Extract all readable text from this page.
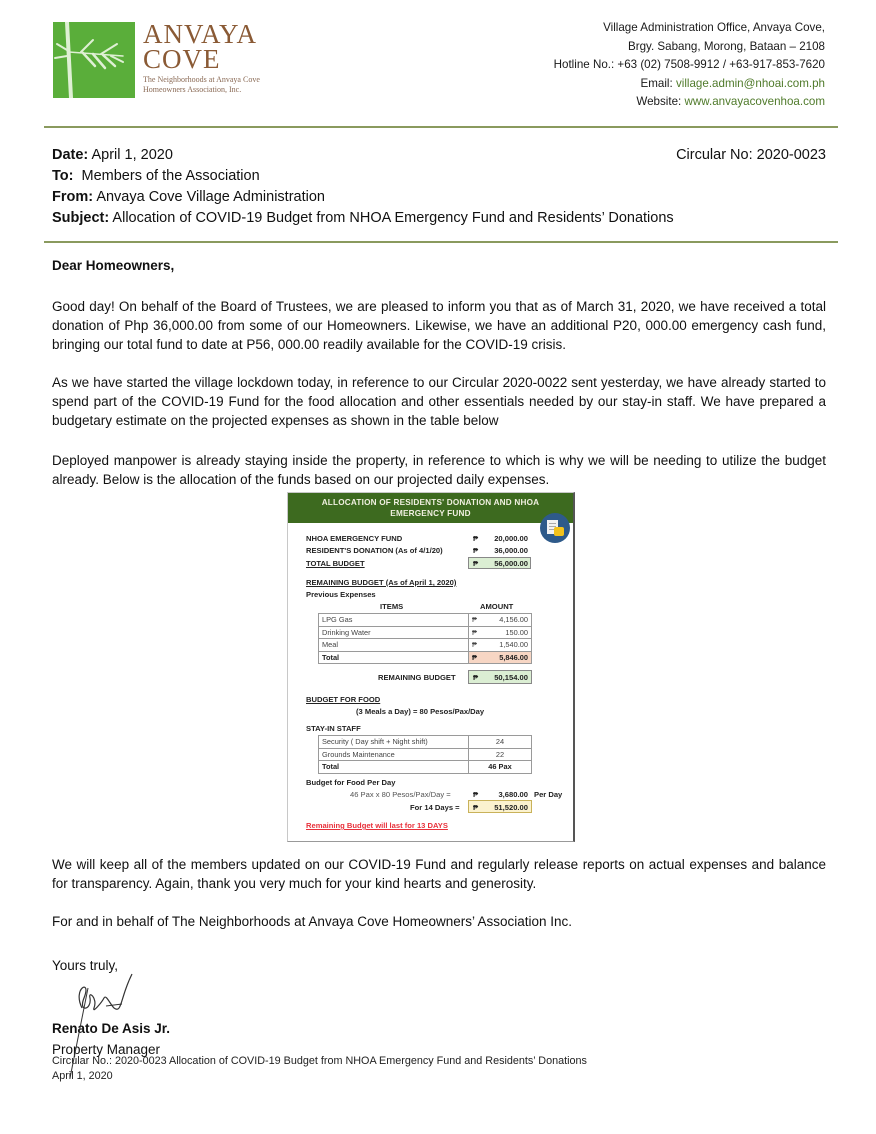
ANVAYA
COVE
The Neighborhoods at Anvaya Cove
Homeowners Association, Inc.
Village Administration Office, Anvaya Cove,
Brgy. Sabang, Morong, Bataan – 2108
Hotline No.: +63 (02) 7508-9912 / +63-917-853-7620
Email: village.admin@nhoai.com.ph
Website: www.anvayacovenhoa.com
Date: April 1, 2020	Circular No: 2020-0023
To:  Members of the Association
From: Anvaya Cove Village Administration
Subject: Allocation of COVID-19 Budget from NHOA Emergency Fund and Residents’ Donations
Dear Homeowners,

Good day! On behalf of the Board of Trustees, we are pleased to inform you that as of March 31, 2020, we have received a total donation of Php 36,000.00 from some of our Homeowners. Likewise, we have an additional P20, 000.00 emergency cash fund, bringing our total fund to date at P56, 000.00 readily available for the COVID-19 crisis.

As we have started the village lockdown today, in reference to our Circular 2020-0022 sent yesterday, we have already started to spend part of the COVID-19 Fund for the food allocation and other essentials needed by our stay-in staff. We have prepared a budgetary estimate on the projected expenses as shown in the table below

Deployed manpower is already staying inside the property, in reference to which is why we will be needing to utilize the budget already. Below is the allocation of the funds based on our projected daily expenses.

ALLOCATION OF RESIDENTS' DONATION AND NHOA
EMERGENCY FUND
NHOA EMERGENCY FUND	₱	20,000.00
RESIDENT'S DONATION (As of 4/1/20)	₱	36,000.00
TOTAL BUDGET	₱	56,000.00
REMAINING BUDGET (As of April 1, 2020)
Previous Expenses
ITEMS	AMOUNT
LPG Gas	₱ 4,156.00

Drinking Water	₱ 150.00

Meal	₱ 1,540.00

Total	₱ 5,846.00
REMAINING BUDGET ₱	50,154.00
BUDGET FOR FOOD
(3 Meals a Day) = 80 Pesos/Pax/Day
STAY-IN STAFF
Security ( Day shift + Night shift)	24
Grounds Maintenance	22
Total	46 Pax
Budget for Food Per Day
46 Pax x 80 Pesos/Pax/Day =	₱	3,680.00 Per Day
For 14 Days = ₱	51,520.00
Remaining Budget will last for 13 DAYS

We will keep all of the members updated on our COVID-19 Fund and regularly release reports on actual expenses and balance for transparency. Again, thank you very much for your kind hearts and generosity.

For and in behalf of The Neighborhoods at Anvaya Cove Homeowners’ Association Inc.

Yours truly,
Renato De Asis Jr.
Property Manager
Circular No.: 2020-0023 Allocation of COVID-19 Budget from NHOA Emergency Fund and Residents’ Donations
April 1, 2020
